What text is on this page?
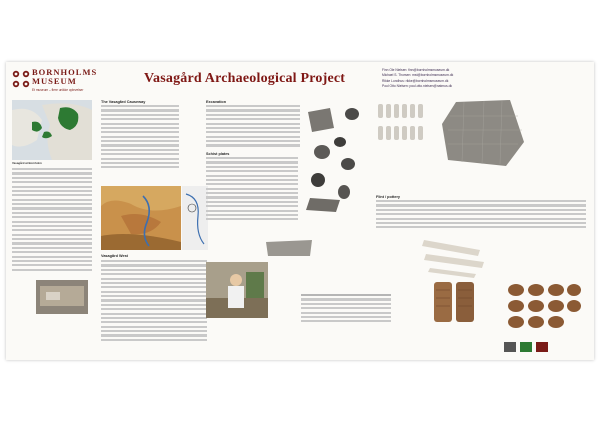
BORNHOLMS MUSEUM
Et museum – flere unikke oplevelser
Vasagård Archaeological Project
Finn Ole Nielsen: finn@bornholmsmuseum.dk
Michael S. Thorsen: mst@bornholmsmuseum.dk
Rikke Lundhus: rikke@bornholmsmuseum.dk
Poul Otto Nielsen: poul.otto.nielsen@natmus.dk
Vasagård at Bornholm
The Vasagård Causeway
Vasagård West
Excavation
Schist plates
Flint / pottery
